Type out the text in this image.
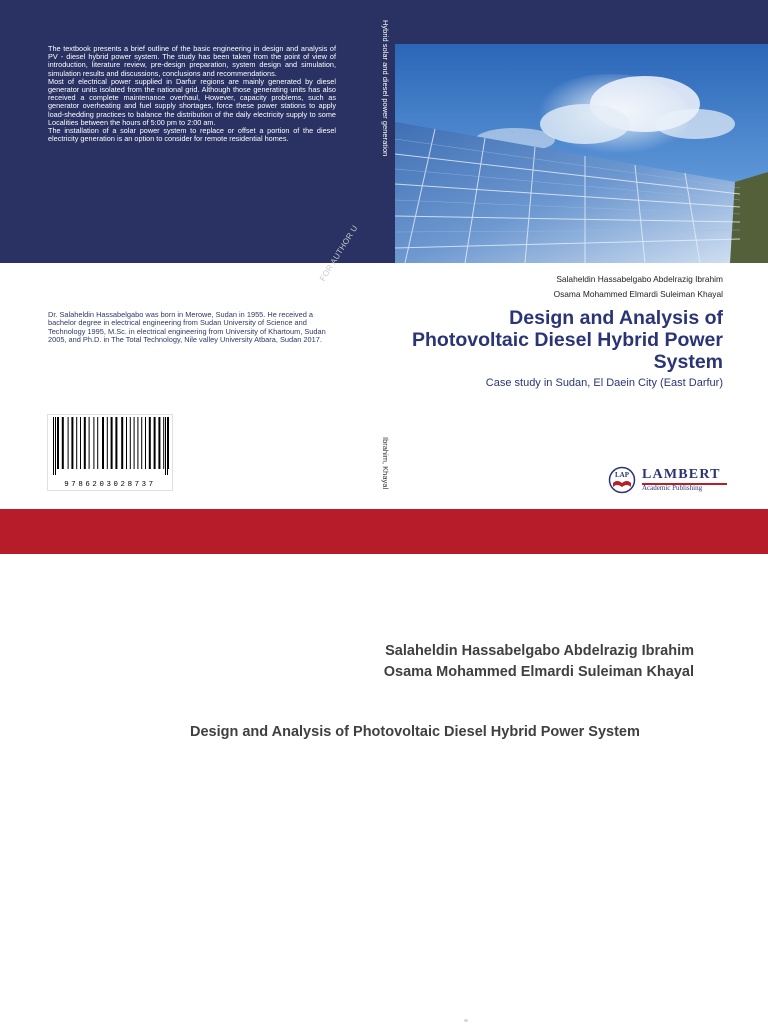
The textbook presents a brief outline of the basic engineering in design and analysis of PV - diesel hybrid power system. The study has been taken from the point of view of introduction, literature review, pre-design preparation, system design and simulation, simulation results and discussions, conclusions and recommendations.

Most of electrical power supplied in Darfur regions are mainly generated by diesel generator units isolated from the national grid. Although those generating units has also received a complete maintenance overhaul, However, capacity problems, such as generator overheating and fuel supply shortages, force these power stations to apply load-shedding practices to balance the distribution of the daily electricity supply to some Localities between the hours of 5:00 pm to 2:00 am.

The installation of a solar power system to replace or offset a portion of the diesel electricity generation is an option to consider for remote residential homes.	Hybrid solar and diesel power generation
Ibrahim, Khayal
FOR AUTHOR U

Dr. Salaheldin Hassabelgabo was born in Merowe, Sudan in 1955. He received a bachelor degree in electrical engineering from Sudan University of Science and Technology 1995, M.Sc. in electrical engineering from University of Khartoum, Sudan 2005, and Ph.D. in The Total Technology, Nile valley University Atbara, Sudan 2017.

9786203028737
Salaheldin Hassabelgabo Abdelrazig Ibrahim
Osama Mohammed Elmardi Suleiman Khayal
Design and Analysis of Photovoltaic Diesel Hybrid Power System

Case study in Sudan, El Daein City (East Darfur)

LAP LAMBERT
Academic Publishing
Salaheldin Hassabelgabo Abdelrazig Ibrahim
Osama Mohammed Elmardi Suleiman Khayal

Design and Analysis of Photovoltaic Diesel Hybrid Power System
